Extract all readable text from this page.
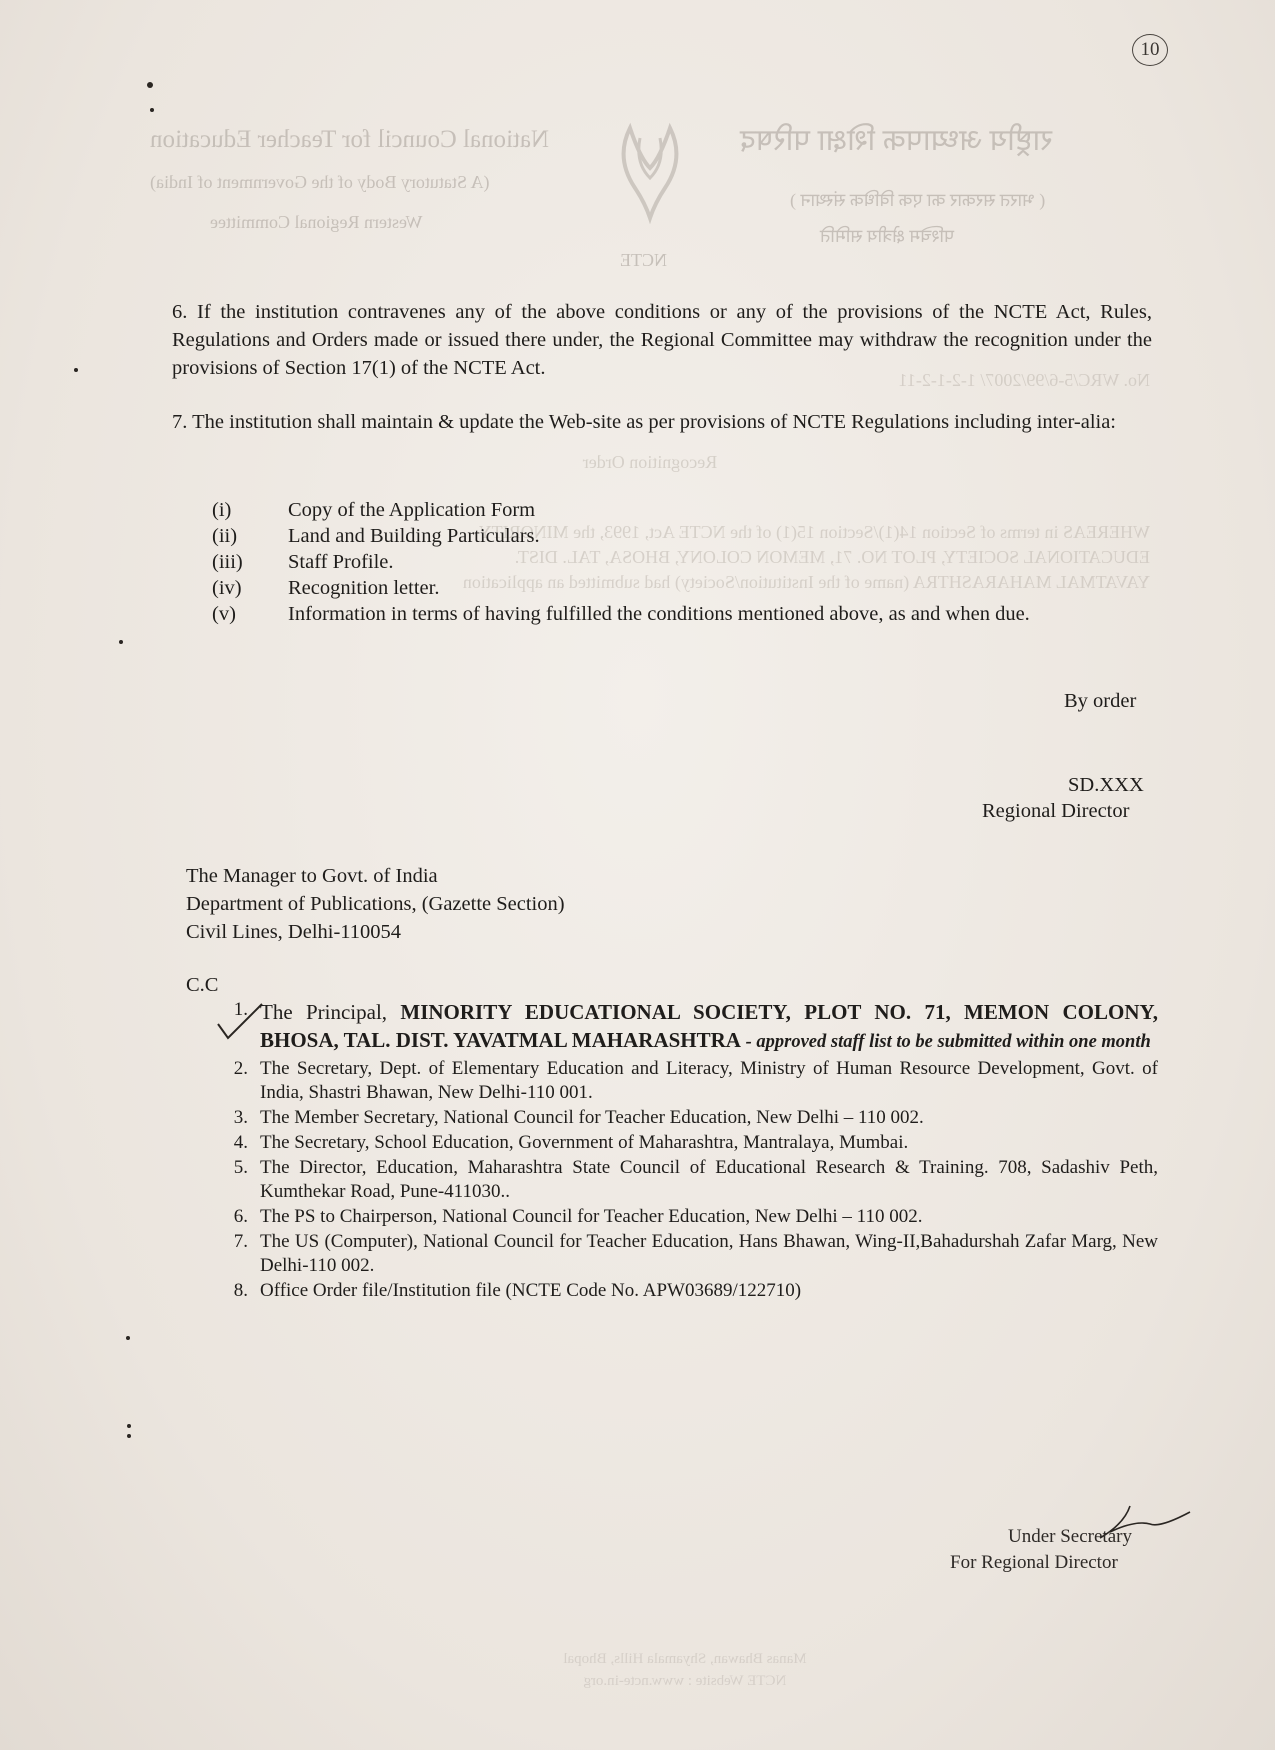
10
राष्ट्रीय अध्यापक शिक्षा परिषद
( भारत सरकार का एक विधिक संस्थान )
पश्चिम क्षेत्रीय समिति
National Council for Teacher Education
(A Statutory Body of the Government of India)
Western Regional Committee
NCTE
No. WRC/5-6/99/2007/ 1-2-1-2-11
Recognition Order
WHEREAS in terms of Section 14(1)/Section 15(1) of the NCTE Act, 1993, the MINORITY
EDUCATIONAL SOCIETY, PLOT NO. 71, MEMON COLONY, BHOSA, TAL. DIST.
YAVATMAL MAHARASHTRA (name of the Institution/Society) had submitted an application
6. If the institution contravenes any of the above conditions or any of the provisions of the NCTE Act, Rules, Regulations and Orders made or issued there under, the Regional Committee may withdraw the recognition under the provisions of Section 17(1) of the NCTE Act.
7. The institution shall maintain & update the Web-site as per provisions of NCTE Regulations including inter-alia:
(i)	Copy of the Application Form
(ii)	Land and Building Particulars.
(iii)	Staff Profile.
(iv)	Recognition letter.
(v)	Information in terms of having fulfilled the conditions mentioned above, as and when due.
By order
SD.XXX
Regional Director
The Manager to Govt. of India
Department of Publications, (Gazette Section)
Civil Lines, Delhi-110054
C.C
1. The Principal, MINORITY EDUCATIONAL SOCIETY, PLOT NO. 71, MEMON COLONY, BHOSA, TAL. DIST. YAVATMAL MAHARASHTRA - approved staff list to be submitted within one month
2. The Secretary, Dept. of Elementary Education and Literacy, Ministry of Human Resource Development, Govt. of India, Shastri Bhawan, New Delhi-110 001.
3. The Member Secretary, National Council for Teacher Education, New Delhi – 110 002.
4. The Secretary, School Education, Government of Maharashtra, Mantralaya, Mumbai.
5. The Director, Education, Maharashtra State Council of Educational Research & Training. 708, Sadashiv Peth, Kumthekar Road, Pune-411030..
6. The PS to Chairperson, National Council for Teacher Education, New Delhi – 110 002.
7. The US (Computer), National Council for Teacher Education, Hans Bhawan, Wing-II,Bahadurshah Zafar Marg, New Delhi-110 002.
8. Office Order file/Institution file (NCTE Code No. APW03689/122710)
Under Secretary
For Regional Director
Manas Bhawan, Shyamala Hills, Bhopal
NCTE Website : www.ncte-in.org
